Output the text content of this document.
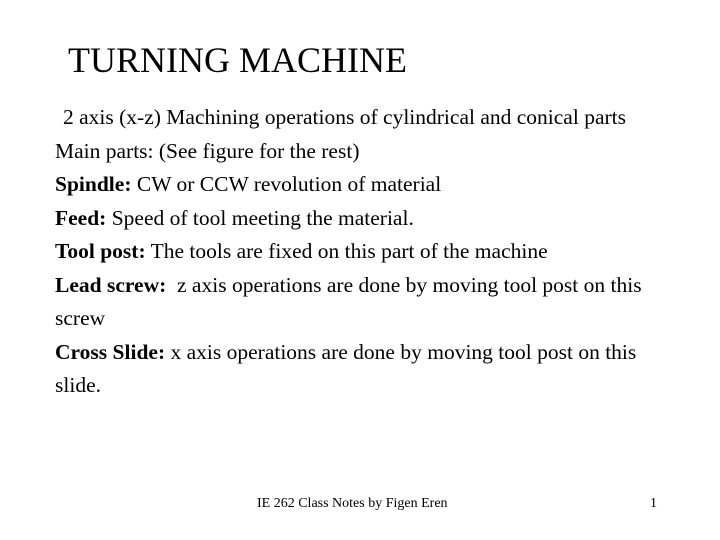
TURNING MACHINE

2 axis (x-z) Machining operations of cylindrical and conical parts

Main parts: (See figure for the rest)

Spindle: CW or CCW revolution of material

Feed: Speed of tool meeting the material.

Tool post: The tools are fixed on this part of the machine

Lead screw:  z axis operations are done by moving tool post on this screw

Cross Slide: x axis operations are done by moving tool post on this slide.

IE 262 Class Notes by Figen Eren	1
